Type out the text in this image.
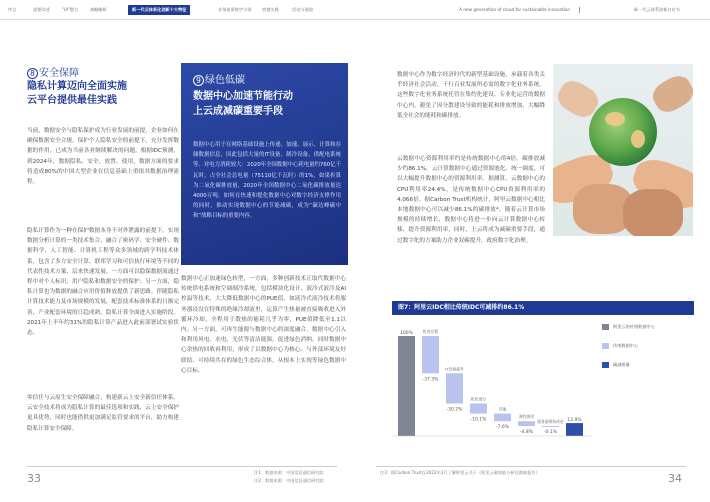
序言	重要综述	“IA”整合	战略解析	新一代云体系化创新十大特征	业务前景数字引领 营销实践	活动与展望	A new generation of cloud for sustainable innovation	新一代云体系创新白皮书
8 安全保障
隐私计算迈向全面实施
云平台提供最佳实践
当前，数据安全与隐私保护成为行业发展的前提，企业如何在确保数据安全合规，保护个人隐私安全的前提下，充分发挥数据的作用，已成为当前各业继续解决的问题。根据IDC预测，到2024年，数据隐私、安全、放置、使用，数据方面的要求将造成80%的中国大型企业在信息基础上重组其数据治理流程。
隐私计算作为一种在保护数据本身不对外泄露的前提下，实现数据分析计算的一类技术集合，融合了密码学、安全硬件、数据科学、人工智能、计算机工程等众多领域的跨学科技术体系，包含了多方安全计算、联邦学习和可信执行环境等不同的代表性技术方案，层来快速发展。一方面可以隐保数据流通过程中对个人标识、用户隐私和数据安全的保护；另一方面，隐私计算也为数据的融合应用价值释放提供了新思路。伴随隐私计算技术能力及市场规模的发展，配套技术标准体系的日渐完善，产业配套环境的日趋成熟，隐私计算全面进入实施阶段。2021年上半年约31%的隐私计算产品进入此前部署试实验状态。
零信任与云原生安全保障融合，构建新云上安全新信任体系。云安全技术将成为隐私计算的最佳选项和实践，云上安全保护更具优势，同时也能借供更加满足监管要求的平台，助力构建隐私计算安全保障。
9 绿色低碳
数据中心加速节能行动
上云成减碳重要手段
数据中心用于在网络基础设施上传递、加速、展示、计算和存储数据信息，因此包括大量的IT设备、制冷设备、供配电系统等。对电力消耗较大：2020年全国数据中心耗电量约760亿千瓦时，占全社会总电量（75110亿千瓦时）的1%，如果折算为二氧化碳排放量，2020年全国数据中心二氧化碳排放量达4000万吨。如何在快速和提化数据中心对数字经济支撑作用的同时，推动实现数据中心的节能减碳，成为“碳达峰碳中和”战略目标的重要内容。
数据中心正加速绿色转型，一方面，多种创新技术正取代数据中心传统供电系统和空调制冷系统，包括模块化设计、液冷式液冷及AI控温等技术，大大降低数据中心的PUE值，如液冷式液冷技术将服务器浸没在特殊的绝缘冷却液里，运算产生热量被直接吸收进入外循环冷却，全程用于散热的能耗几乎为零，PUE值降低至1.1以内。另一方面，可再生能源与数据中心的深度融合，数据中心引入和利用风电、水电、光伏等清洁能源，促进绿色消纳。同时数据中心余热的回收再利用，形成了以数据中心为核心、与外部环境友好联结、可持续共存的绿色生态综合体，从根本上实现等绿色数据中心目标。
数据中心作为数字经济时代的新型基础设施，承载着各类关乎经济社会活动、千行百业发展所必需的数字化业务系统。这些数字化业务系统托管在集约化建设、专业化运营的数据中心内，避免了因分散建设导致的能耗和排放增加，大幅降低全社会的能耗和碳排放。
云数据中心资源利用率约是传统数据中心的4倍，碳排放减少约86.1%。云计算数据中心通过资源池化、统一调度，可以大幅提升数据中心的资源利用率。据测算，云数据中心的CPU利用率24.4%，是传统数据中心CPU资源利用率的4.066倍。据Carbon Trust机构统计，阿里云数据中心相比本地数据中心可以减少86.1%的碳排放*。随着云计算市场规模的持续增长，数据中心将进一步向云计算数据中心转移，提升资源利用率，同时，上云将成为减碳重要手段，通过数字化的方案助力企业双碳提升，政府数字化治理。
图7：阿里云IDC相比传统IDC可减排约86.1%
100%
-37.3%
机房设置
-30.2%
IT设备提升
-10.1%
机柜部分
-7.6%
其他
-4.8%
弹性调用
-0.1%
服务器维持改进 12.9%
阿里云的传统数据中心
传统数据中心
碳减排量
33	34
注1：数据来源：中国信息通信研究院
注2：数据来源：中国信息通信研究院
注3：据Carbon Trust在2022年3月了解阿里云关于《阿里云碳效能分析及数据报告》
